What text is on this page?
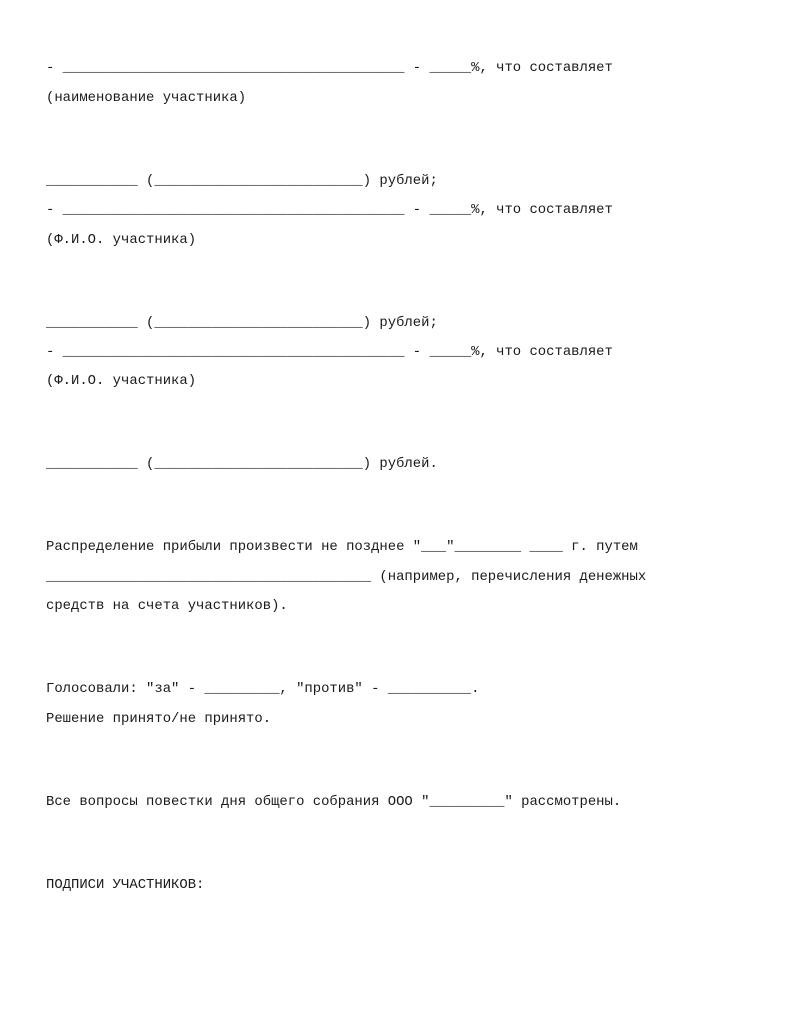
- _________________________________________ - _____%, что составляет
(наименование участника)
___________ (_________________________) рублей;
- _________________________________________ - _____%, что составляет
(Ф.И.О. участника)
___________ (_________________________) рублей;
- _________________________________________ - _____%, что составляет
(Ф.И.О. участника)
___________ (_________________________) рублей.
Распределение прибыли произвести не позднее "___"________ ____ г. путем
_______________________________________ (например, перечисления денежных
средств на счета участников).
Голосовали: "за" - _________, "против" - __________.
Решение принято/не принято.
Все вопросы повестки дня общего собрания ООО "_________" рассмотрены.
ПОДПИСИ УЧАСТНИКОВ:
